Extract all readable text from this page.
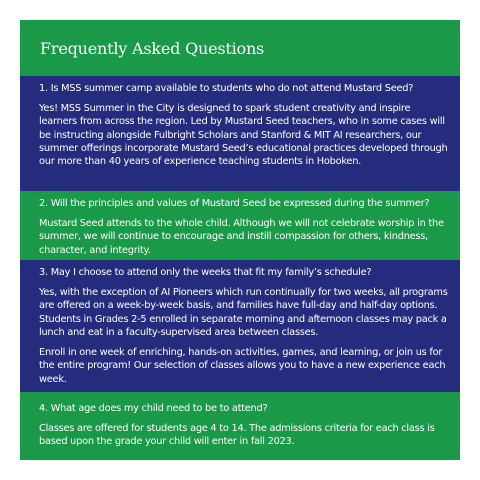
Frequently Asked Questions

1. Is MSS summer camp available to students who do not attend Mustard Seed?

Yes! MSS Summer in the City is designed to spark student creativity and inspire learners from across the region. Led by Mustard Seed teachers, who in some cases will be instructing alongside Fulbright Scholars and Stanford & MIT AI researchers, our summer offerings incorporate Mustard Seed’s educational practices developed through our more than 40 years of experience teaching students in Hoboken.

2. Will the principles and values of Mustard Seed be expressed during the summer?

Mustard Seed attends to the whole child. Although we will not celebrate worship in the summer, we will continue to encourage and instill compassion for others, kindness, character, and integrity.

3. May I choose to attend only the weeks that fit my family’s schedule?

Yes, with the exception of AI Pioneers which run continually for two weeks, all programs are offered on a week-by-week basis, and families have full-day and half-day options. Students in Grades 2-5 enrolled in separate morning and afternoon classes may pack a lunch and eat in a faculty-supervised area between classes.

Enroll in one week of enriching, hands-on activities, games, and learning, or join us for the entire program! Our selection of classes allows you to have a new experience each week.

4. What age does my child need to be to attend?

Classes are offered for students age 4 to 14. The admissions criteria for each class is based upon the grade your child will enter in fall 2023.
